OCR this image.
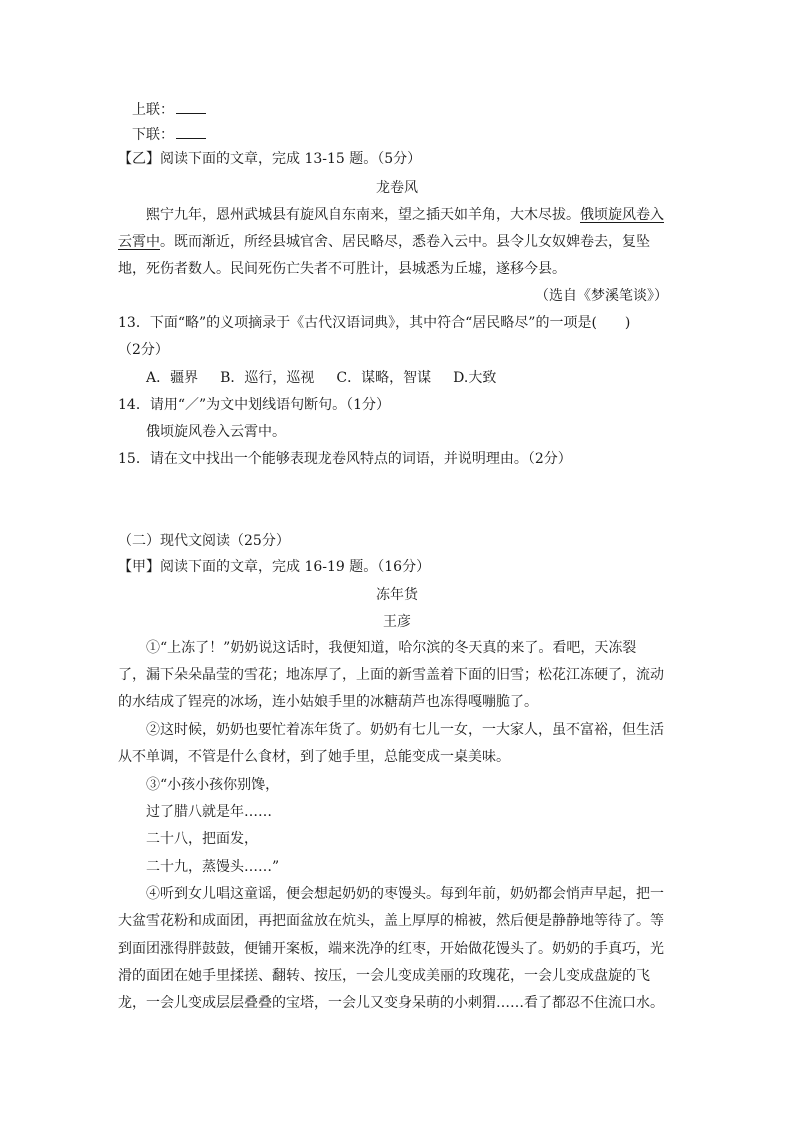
上联：
下联：
【乙】阅读下面的文章，完成 13-15 题。（5分）
龙卷风
熙宁九年，恩州武城县有旋风自东南来，望之插天如羊角，大木尽拔。俄顷旋风卷入
云霄中。既而渐近，所经县城官舍、居民略尽，悉卷入云中。县令儿女奴婢卷去，复坠
地，死伤者数人。民间死伤亡失者不可胜计，县城悉为丘墟，遂移今县。
（选自《梦溪笔谈》）
13．下面“略”的义项摘录于《古代汉语词典》，其中符合“居民略尽”的一项是( )
（2分）
A．疆界 B．巡行，巡视 C．谋略，智谋 D.大致
14．请用“／”为文中划线语句断句。（1分）
俄顷旋风卷入云霄中。
15．请在文中找出一个能够表现龙卷风特点的词语，并说明理由。（2分）
（二）现代文阅读（25分）
【甲】阅读下面的文章，完成 16-19 题。（16分）
冻年货
王彦
①“上冻了！”奶奶说这话时，我便知道，哈尔滨的冬天真的来了。看吧，天冻裂
了，漏下朵朵晶莹的雪花；地冻厚了，上面的新雪盖着下面的旧雪；松花江冻硬了，流动
的水结成了锃亮的冰场，连小姑娘手里的冰糖葫芦也冻得嘎嘣脆了。
②这时候，奶奶也要忙着冻年货了。奶奶有七儿一女，一大家人，虽不富裕，但生活
从不单调，不管是什么食材，到了她手里，总能变成一桌美味。
③“小孩小孩你别馋，
过了腊八就是年……
二十八，把面发，
二十九，蒸馒头……”
④听到女儿唱这童谣，便会想起奶奶的枣馒头。每到年前，奶奶都会悄声早起，把一
大盆雪花粉和成面团，再把面盆放在炕头，盖上厚厚的棉被，然后便是静静地等待了。等
到面团涨得胖鼓鼓，便铺开案板，端来洗净的红枣，开始做花馒头了。奶奶的手真巧，光
滑的面团在她手里揉搓、翻转、按压，一会儿变成美丽的玫瑰花，一会儿变成盘旋的飞
龙，一会儿变成层层叠叠的宝塔，一会儿又变身呆萌的小刺猬……看了都忍不住流口水。
